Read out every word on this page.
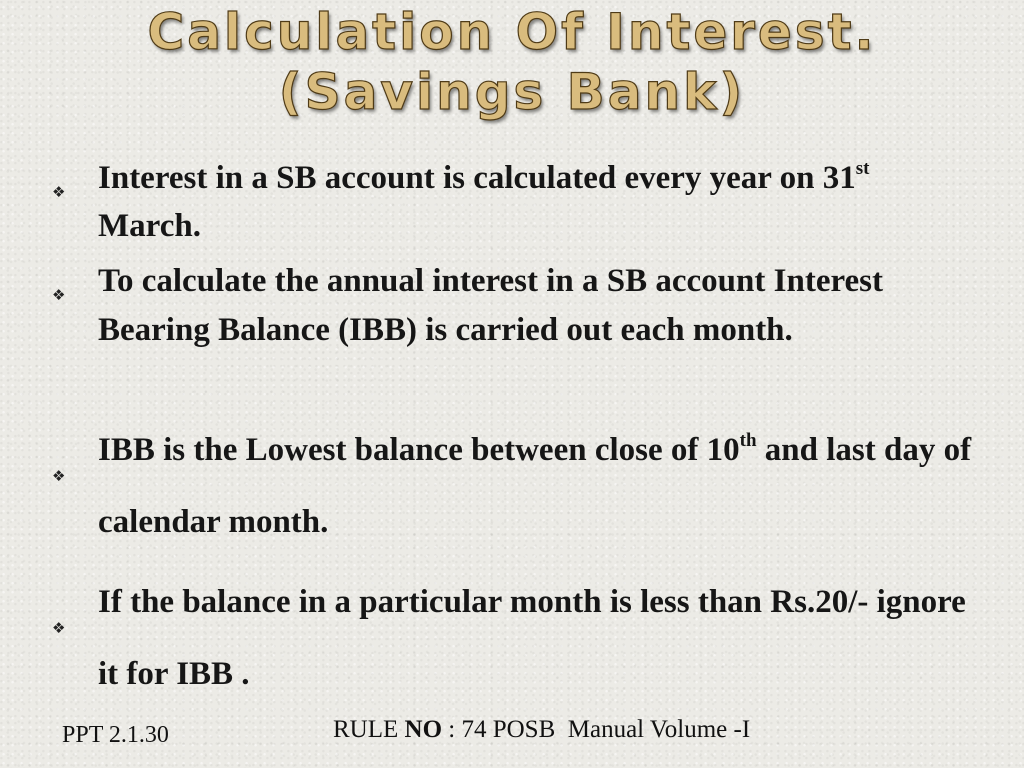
Calculation Of Interest.
(Savings Bank)
❖ Interest in a SB account is calculated every year on 31st March.
❖ To calculate the annual interest in a SB account Interest Bearing Balance (IBB) is carried out each month.
❖
IBB is the Lowest balance between close of 10th and last day of calendar month.
❖
If the balance in a particular month is less than Rs.20/- ignore it for IBB .
PPT 2.1.30	RULE NO : 74 POSB  Manual Volume -I
